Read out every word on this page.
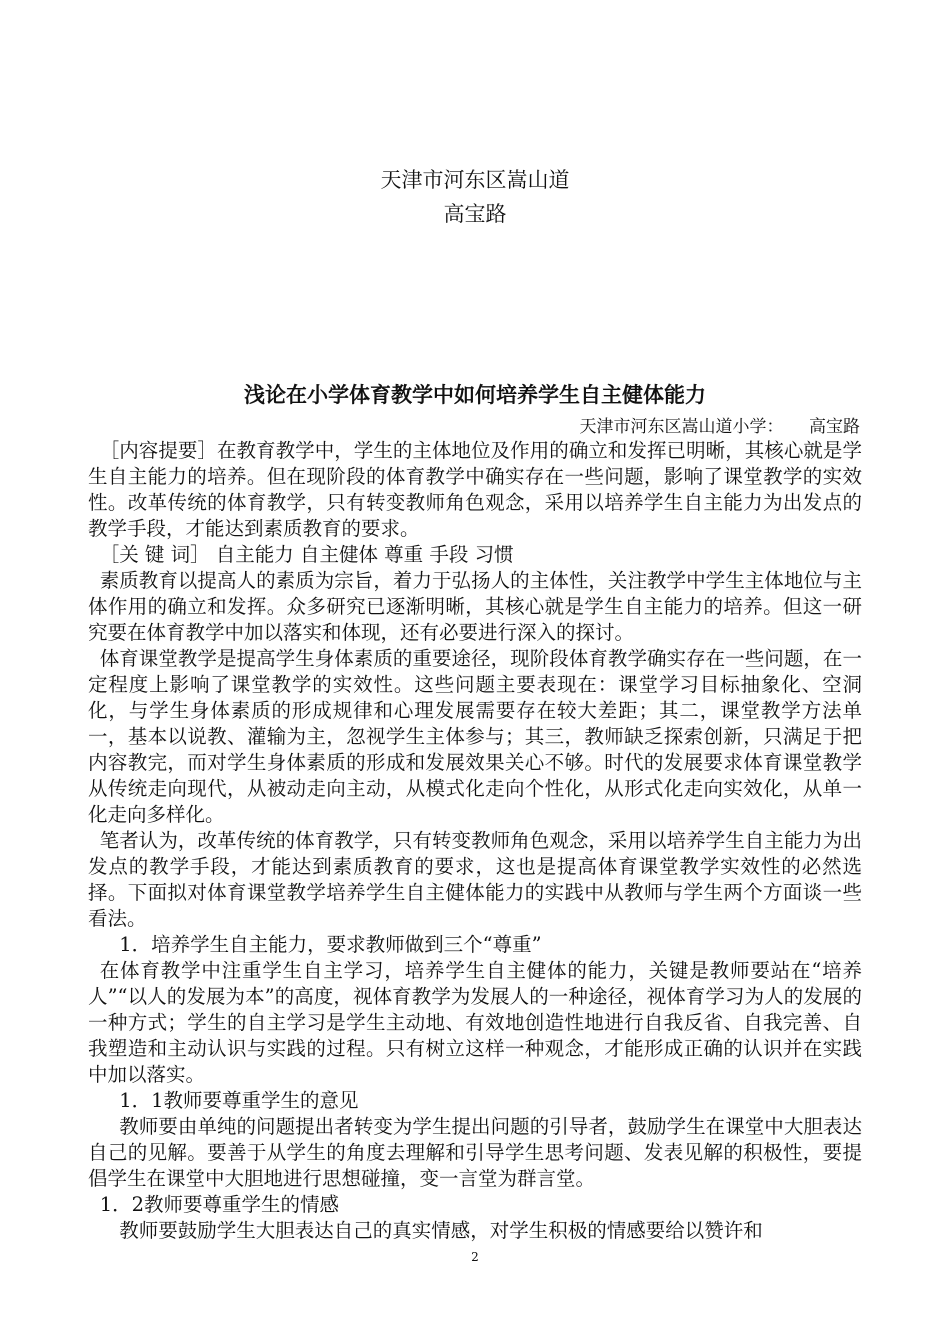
天津市河东区嵩山道
高宝路
浅论在小学体育教学中如何培养学生自主健体能力
天津市河东区嵩山道小学：　　高宝路

［内容提要］在教育教学中，学生的主体地位及作用的确立和发挥已明晰，其核心就是学生自主能力的培养。但在现阶段的体育教学中确实存在一些问题，影响了课堂教学的实效性。改革传统的体育教学，只有转变教师角色观念，采用以培养学生自主能力为出发点的教学手段，才能达到素质教育的要求。

［关 键 词］ 自主能力 自主健体 尊重 手段 习惯

素质教育以提高人的素质为宗旨，着力于弘扬人的主体性，关注教学中学生主体地位与主体作用的确立和发挥。众多研究已逐渐明晰，其核心就是学生自主能力的培养。但这一研究要在体育教学中加以落实和体现，还有必要进行深入的探讨。

体育课堂教学是提高学生身体素质的重要途径，现阶段体育教学确实存在一些问题，在一定程度上影响了课堂教学的实效性。这些问题主要表现在：课堂学习目标抽象化、空洞化，与学生身体素质的形成规律和心理发展需要存在较大差距；其二，课堂教学方法单一，基本以说教、灌输为主，忽视学生主体参与；其三，教师缺乏探索创新，只满足于把内容教完，而对学生身体素质的形成和发展效果关心不够。时代的发展要求体育课堂教学从传统走向现代，从被动走向主动，从模式化走向个性化，从形式化走向实效化，从单一化走向多样化。

笔者认为，改革传统的体育教学，只有转变教师角色观念，采用以培养学生自主能力为出发点的教学手段，才能达到素质教育的要求，这也是提高体育课堂教学实效性的必然选择。下面拟对体育课堂教学培养学生自主健体能力的实践中从教师与学生两个方面谈一些看法。

1．培养学生自主能力，要求教师做到三个“尊重”

在体育教学中注重学生自主学习，培养学生自主健体的能力，关键是教师要站在“培养人”“以人的发展为本”的高度，视体育教学为发展人的一种途径，视体育学习为人的发展的一种方式；学生的自主学习是学生主动地、有效地创造性地进行自我反省、自我完善、自我塑造和主动认识与实践的过程。只有树立这样一种观念，才能形成正确的认识并在实践中加以落实。

1．1教师要尊重学生的意见

教师要由单纯的问题提出者转变为学生提出问题的引导者，鼓励学生在课堂中大胆表达自己的见解。要善于从学生的角度去理解和引导学生思考问题、发表见解的积极性，要提倡学生在课堂中大胆地进行思想碰撞，变一言堂为群言堂。

1．2教师要尊重学生的情感

教师要鼓励学生大胆表达自己的真实情感，对学生积极的情感要给以赞许和

2
